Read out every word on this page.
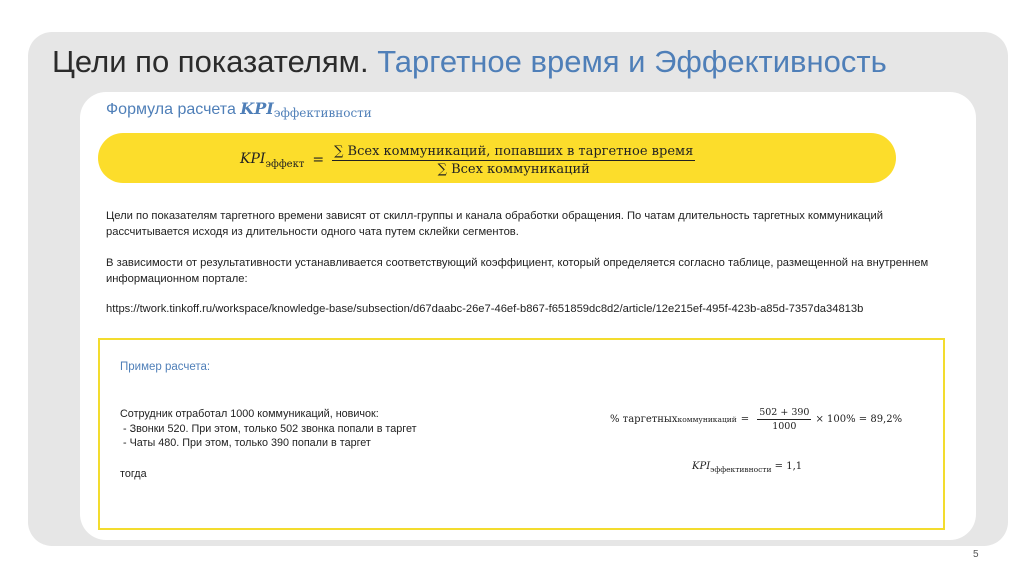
Цели по показателям. Таргетное время и Эффективность
Формула расчета $KPI_{эффективности}$
$KPI_{эффект} = \frac{\text{∑ Всех коммуникаций, попавших в таргетное время}}{\text{∑ Всех коммуникаций}}$
Цели по показателям таргетного времени зависят от скилл-группы и канала обработки обращения. По чатам длительность таргетных коммуникаций рассчитывается исходя из длительности одного чата путем склейки сегментов.
В зависимости от результативности устанавливается соответствующий коэффициент, который определяется согласно таблице, размещенной на внутреннем информационном портале:
https://twork.tinkoff.ru/workspace/knowledge-base/subsection/d67daabc-26e7-46ef-b867-f651859dc8d2/article/12e215ef-495f-423b-a85d-7357da34813b
Пример расчета:
Сотрудник отработал 1000 коммуникаций, новичок:
- Звонки 520. При этом, только 502 звонка попали в таргет
- Чаты 480. При этом, только 390 попали в таргет
тогда
% таргетных коммуникаций = $\frac{502 + 390}{1000} \times 100\% = 89,2\%$
$KPI_{эффективности} = 1,1$
5
